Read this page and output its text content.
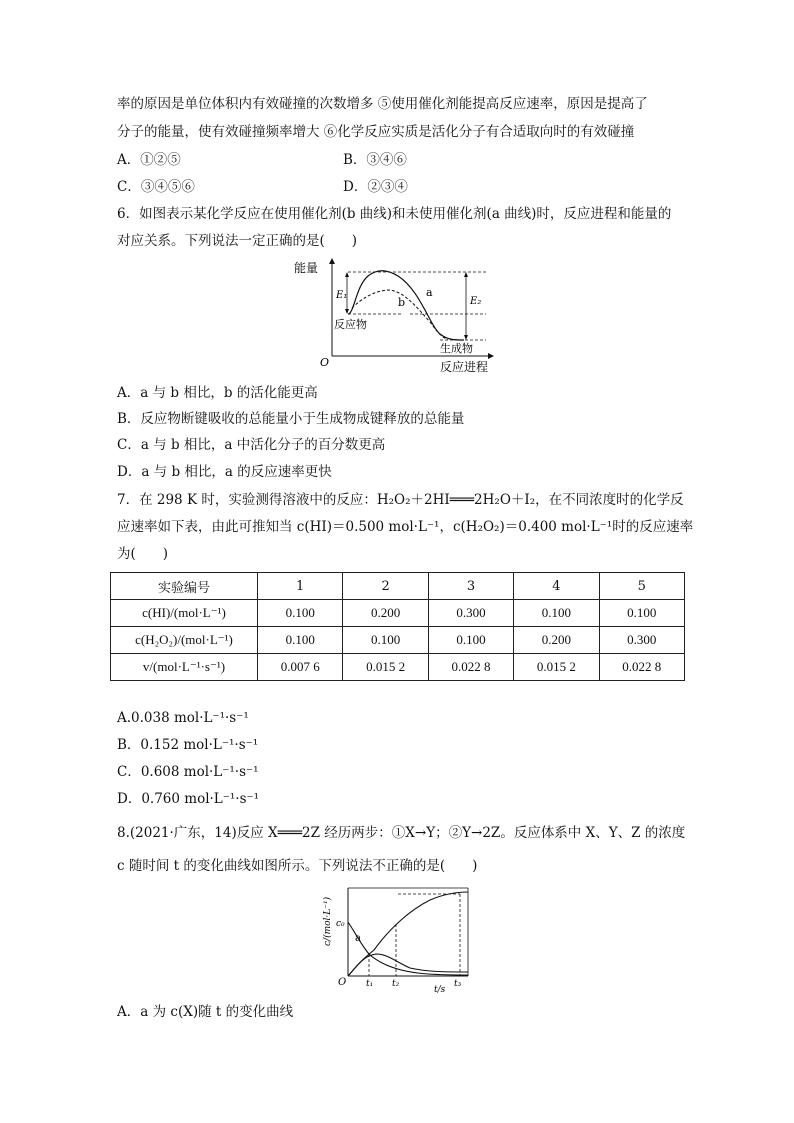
率的原因是单位体积内有效碰撞的次数增多 ⑤使用催化剂能提高反应速率，原因是提高了
分子的能量，使有效碰撞频率增大 ⑥化学反应实质是活化分子有合适取向时的有效碰撞
A．①②⑤	B．③④⑥
C．③④⑤⑥	D．②③④
6．如图表示某化学反应在使用催化剂(b 曲线)和未使用催化剂(a 曲线)时，反应进程和能量的
对应关系。下列说法一定正确的是(　　)
能量
反应进程
O
E₁
E₂
a
b
反应物
生成物
A．a 与 b 相比，b 的活化能更高
B．反应物断键吸收的总能量小于生成物成键释放的总能量
C．a 与 b 相比，a 中活化分子的百分数更高
D．a 与 b 相比，a 的反应速率更快
7．在 298 K 时，实验测得溶液中的反应：H₂O₂＋2HI═══2H₂O＋I₂，在不同浓度时的化学反
应速率如下表，由此可推知当 c(HI)＝0.500 mol·L⁻¹，c(H₂O₂)＝0.400 mol·L⁻¹时的反应速率
为(　　)
实验编号	1	2	3	4	5
c(HI)/(mol·L⁻¹)	0.100	0.200	0.300	0.100	0.100
c(H₂O₂)/(mol·L⁻¹)	0.100	0.100	0.100	0.200	0.300
v/(mol·L⁻¹·s⁻¹)	0.007 6	0.015 2	0.022 8	0.015 2	0.022 8
A.0.038 mol·L⁻¹·s⁻¹
B．0.152 mol·L⁻¹·s⁻¹
C．0.608 mol·L⁻¹·s⁻¹
D．0.760 mol·L⁻¹·s⁻¹
8.(2021·广东，14)反应 X═══2Z 经历两步：①X→Y；②Y→2Z。反应体系中 X、Y、Z 的浓度
c 随时间 t 的变化曲线如图所示。下列说法不正确的是(　　)
c/(mol·L⁻¹) c₀
a
O t₁ t₂	t₃
t/s
A．a 为 c(X)随 t 的变化曲线
